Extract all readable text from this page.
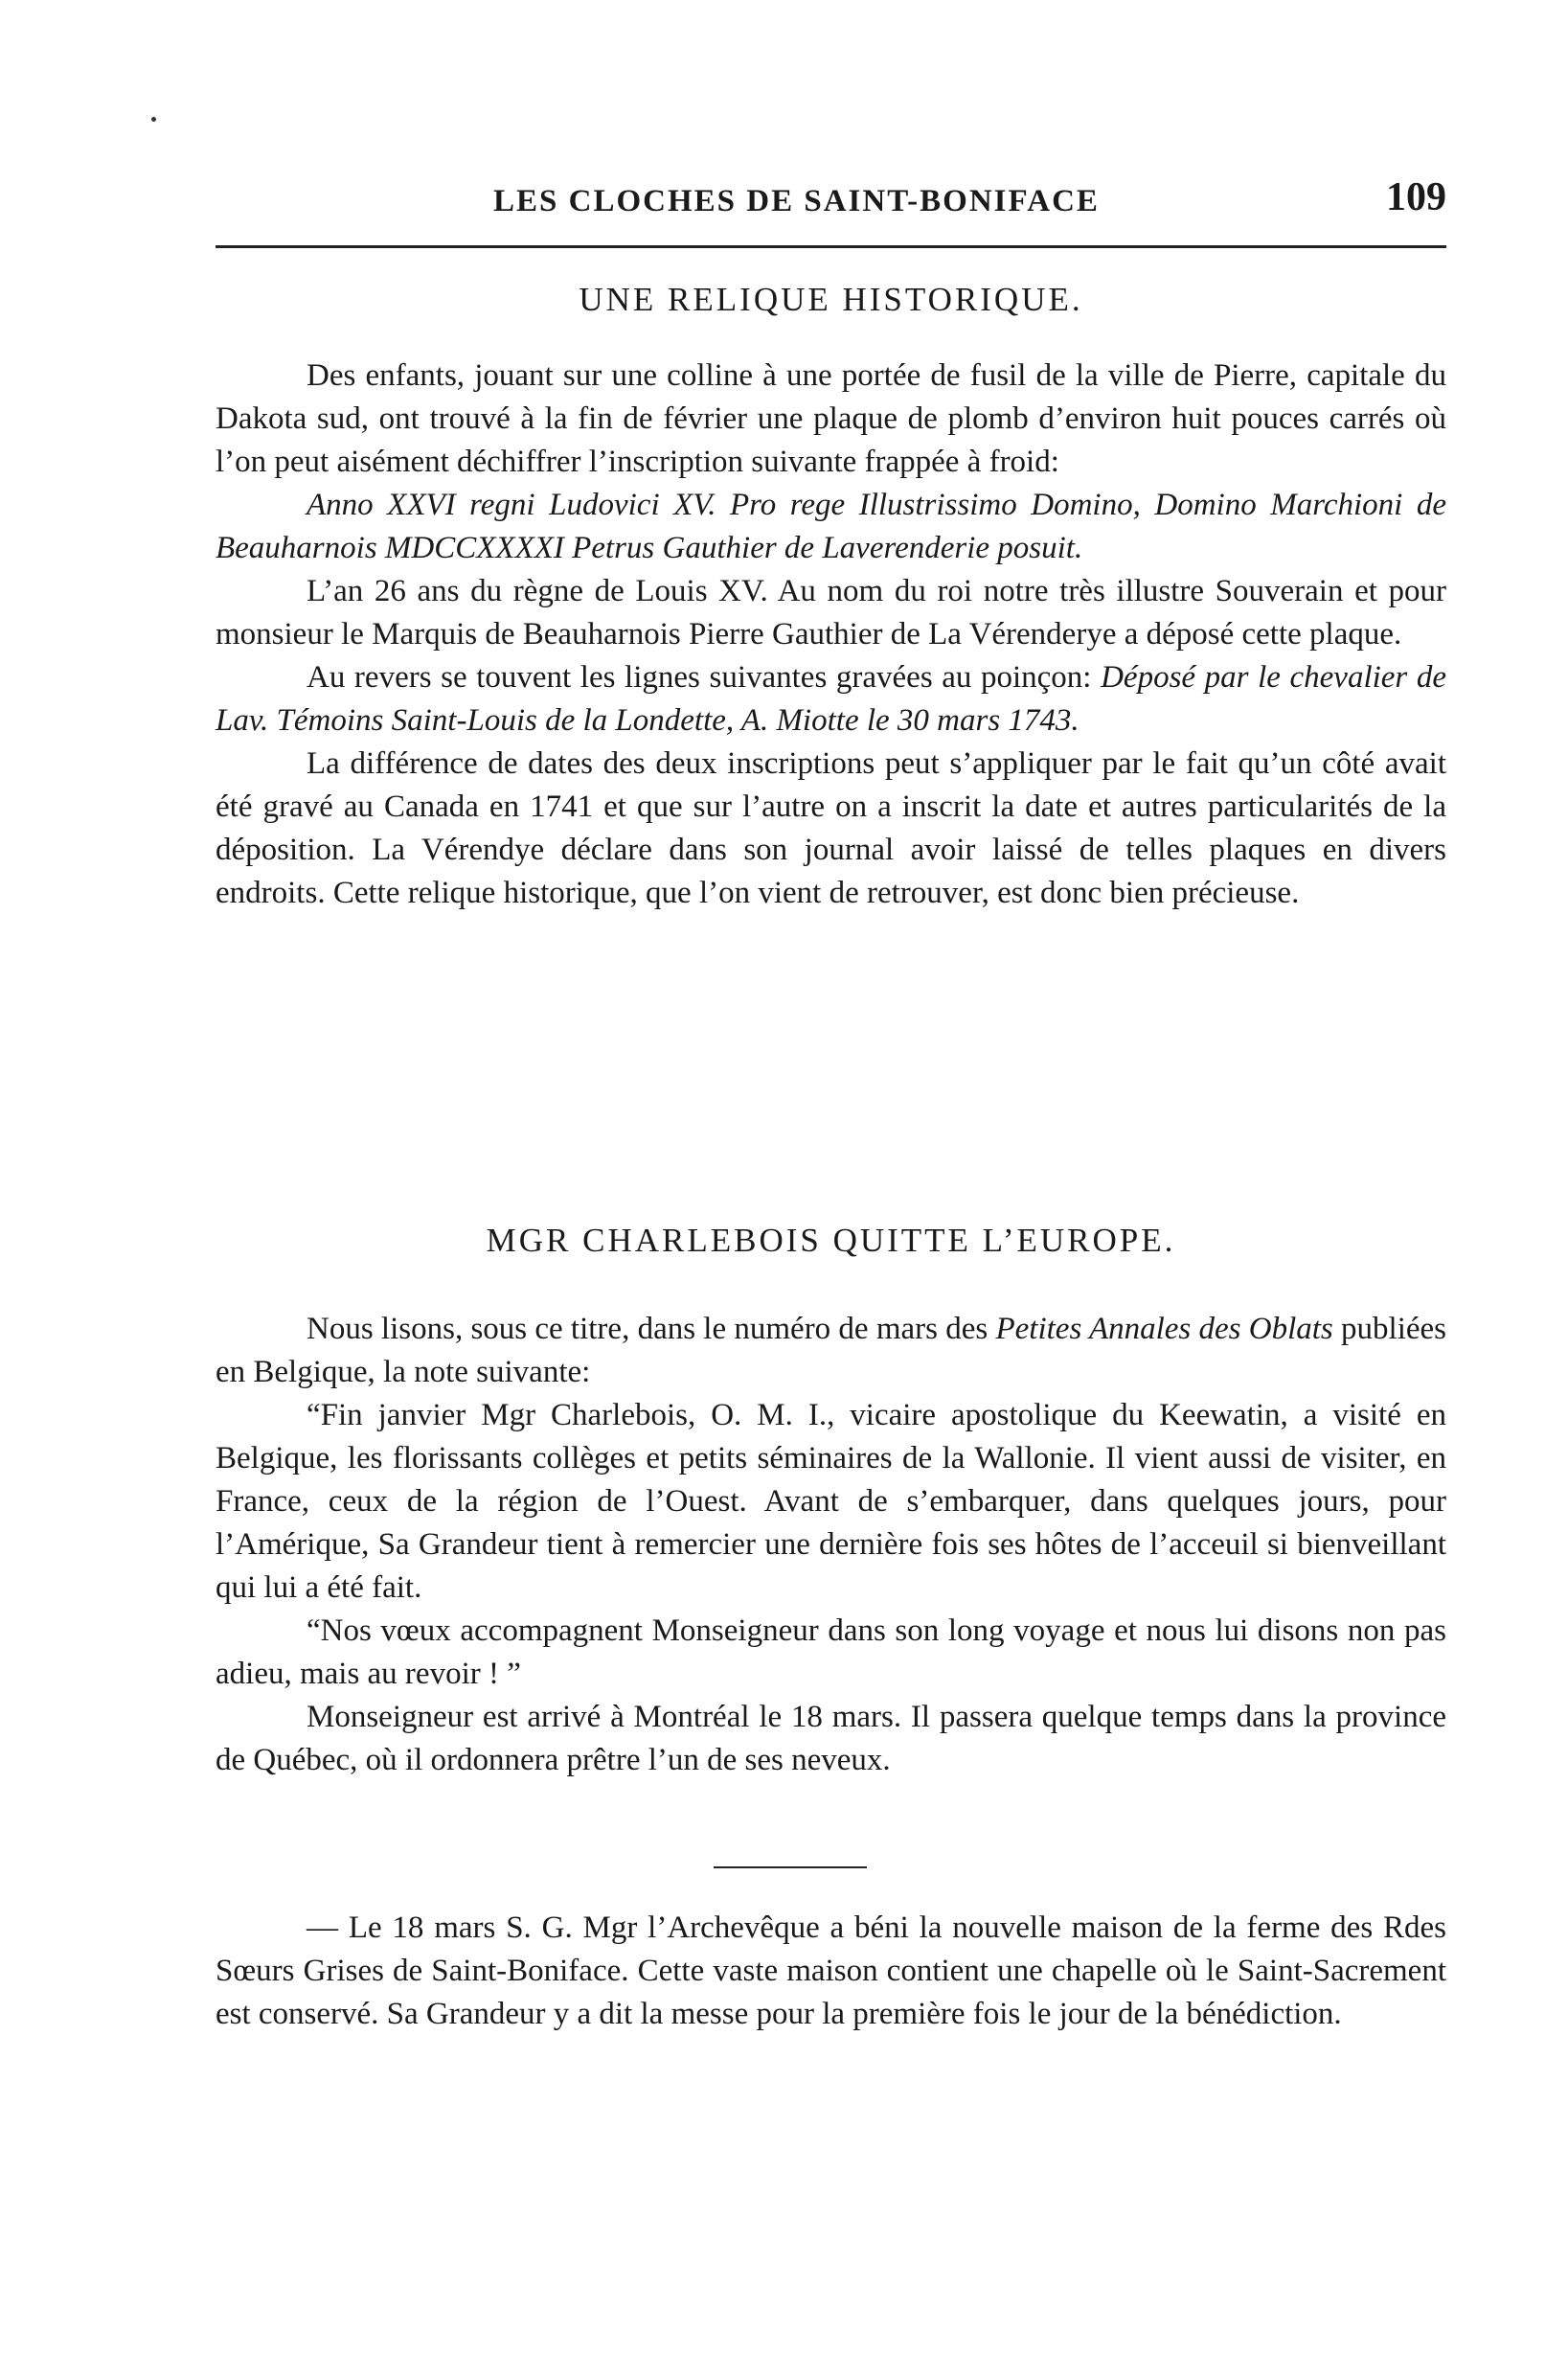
LES CLOCHES DE SAINT-BONIFACE	109
UNE RELIQUE HISTORIQUE.

Des enfants, jouant sur une colline à une portée de fusil de la ville de Pierre, capitale du Dakota sud, ont trouvé à la fin de février une plaque de plomb d’environ huit pouces carrés où l’on peut aisément déchiffrer l’inscription suivante frappée à froid:

Anno XXVI regni Ludovici XV. Pro rege Illustrissimo Domino, Domino Marchioni de Beauharnois MDCCXXXXI Petrus Gauthier de Laverenderie posuit.

L’an 26 ans du règne de Louis XV. Au nom du roi notre très illustre Souverain et pour monsieur le Marquis de Beauharnois Pierre Gauthier de La Vérenderye a déposé cette plaque.

Au revers se touvent les lignes suivantes gravées au poinçon: Déposé par le chevalier de Lav. Témoins Saint-Louis de la Londette, A. Miotte le 30 mars 1743.

La différence de dates des deux inscriptions peut s’appliquer par le fait qu’un côté avait été gravé au Canada en 1741 et que sur l’autre on a inscrit la date et autres particularités de la déposition. La Vérendye déclare dans son journal avoir laissé de telles plaques en divers endroits. Cette relique historique, que l’on vient de retrouver, est donc bien précieuse.

MGR CHARLEBOIS QUITTE L’EUROPE.

Nous lisons, sous ce titre, dans le numéro de mars des Petites Annales des Oblats publiées en Belgique, la note suivante:

“Fin janvier Mgr Charlebois, O. M. I., vicaire apostolique du Keewatin, a visité en Belgique, les florissants collèges et petits séminaires de la Wallonie. Il vient aussi de visiter, en France, ceux de la région de l’Ouest. Avant de s’embarquer, dans quelques jours, pour l’Amérique, Sa Grandeur tient à remercier une dernière fois ses hôtes de l’acceuil si bienveillant qui lui a été fait.

“Nos vœux accompagnent Monseigneur dans son long voyage et nous lui disons non pas adieu, mais au revoir ! ”

Monseigneur est arrivé à Montréal le 18 mars. Il passera quelque temps dans la province de Québec, où il ordonnera prêtre l’un de ses neveux.

— Le 18 mars S. G. Mgr l’Archevêque a béni la nouvelle maison de la ferme des Rdes Sœurs Grises de Saint-Boniface. Cette vaste maison contient une chapelle où le Saint-Sacrement est conservé. Sa Grandeur y a dit la messe pour la première fois le jour de la bénédiction.
